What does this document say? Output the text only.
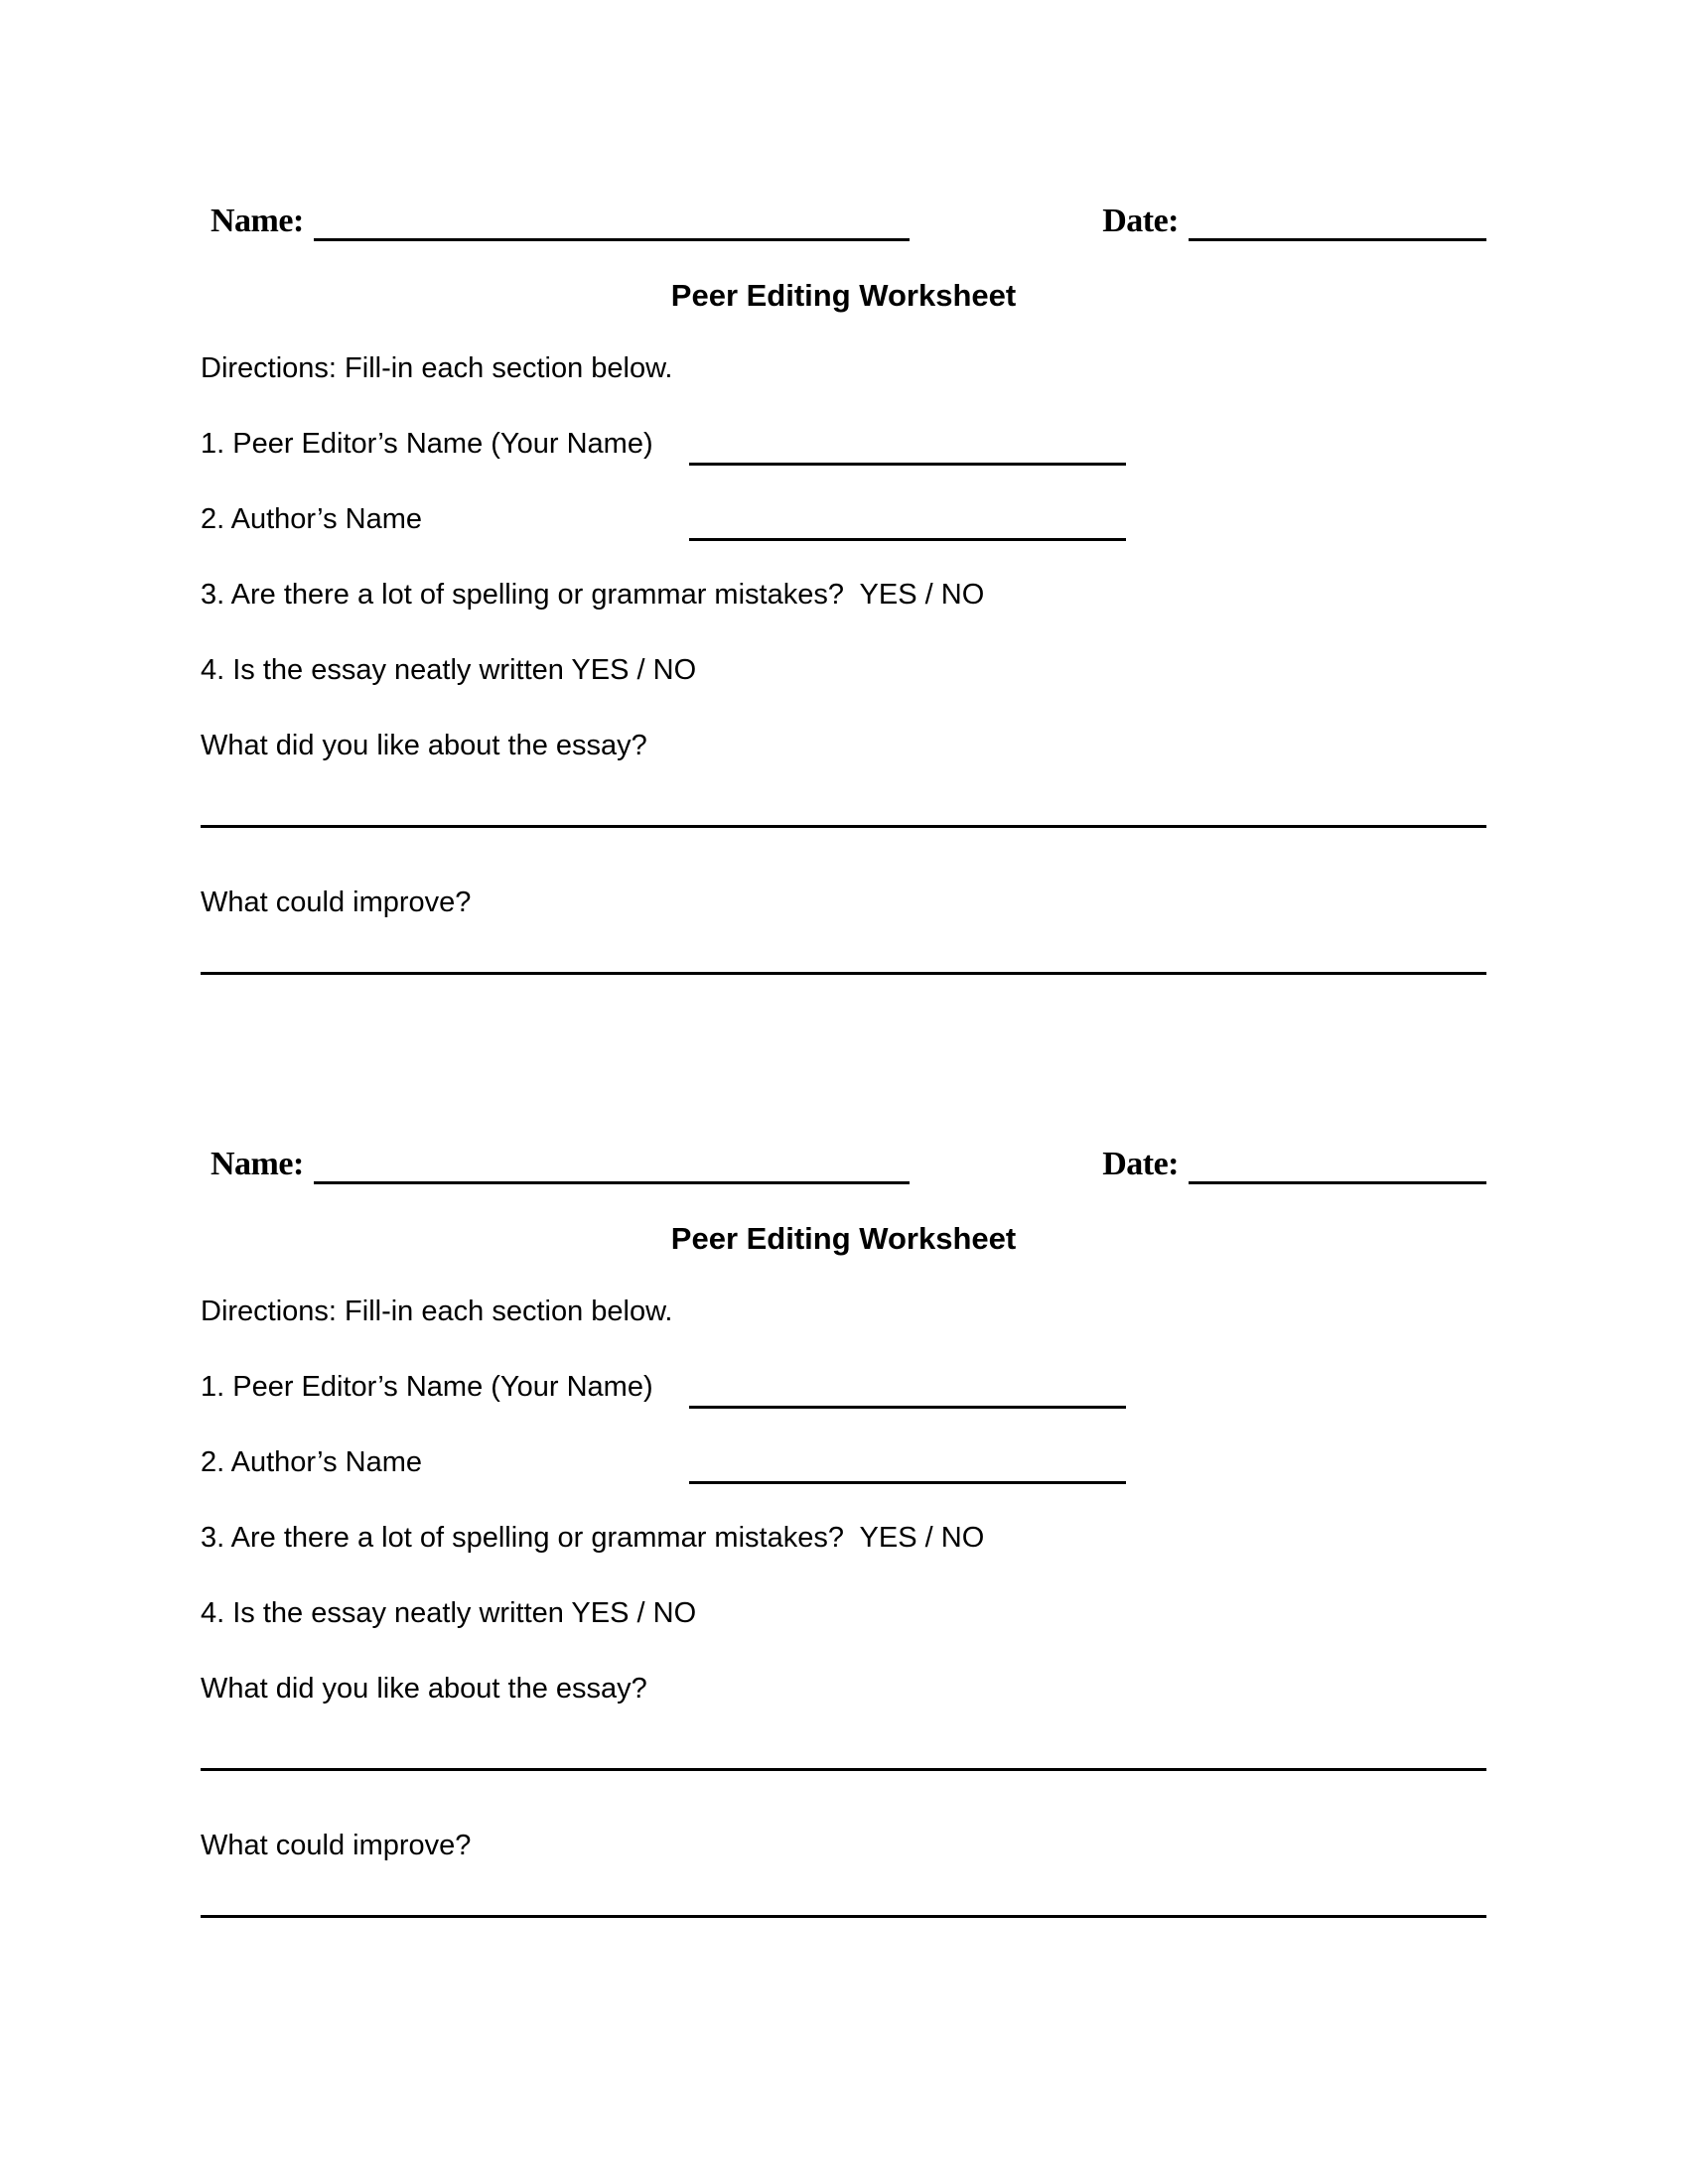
Name:	Date:
Peer Editing Worksheet
Directions: Fill-in each section below.
1. Peer Editor’s Name (Your Name)
2. Author’s Name
3. Are there a lot of spelling or grammar mistakes?  YES / NO
4. Is the essay neatly written YES / NO
What did you like about the essay?
What could improve?
Name:	Date:
Peer Editing Worksheet
Directions: Fill-in each section below.
1. Peer Editor’s Name (Your Name)
2. Author’s Name
3. Are there a lot of spelling or grammar mistakes?  YES / NO
4. Is the essay neatly written YES / NO
What did you like about the essay?
What could improve?
